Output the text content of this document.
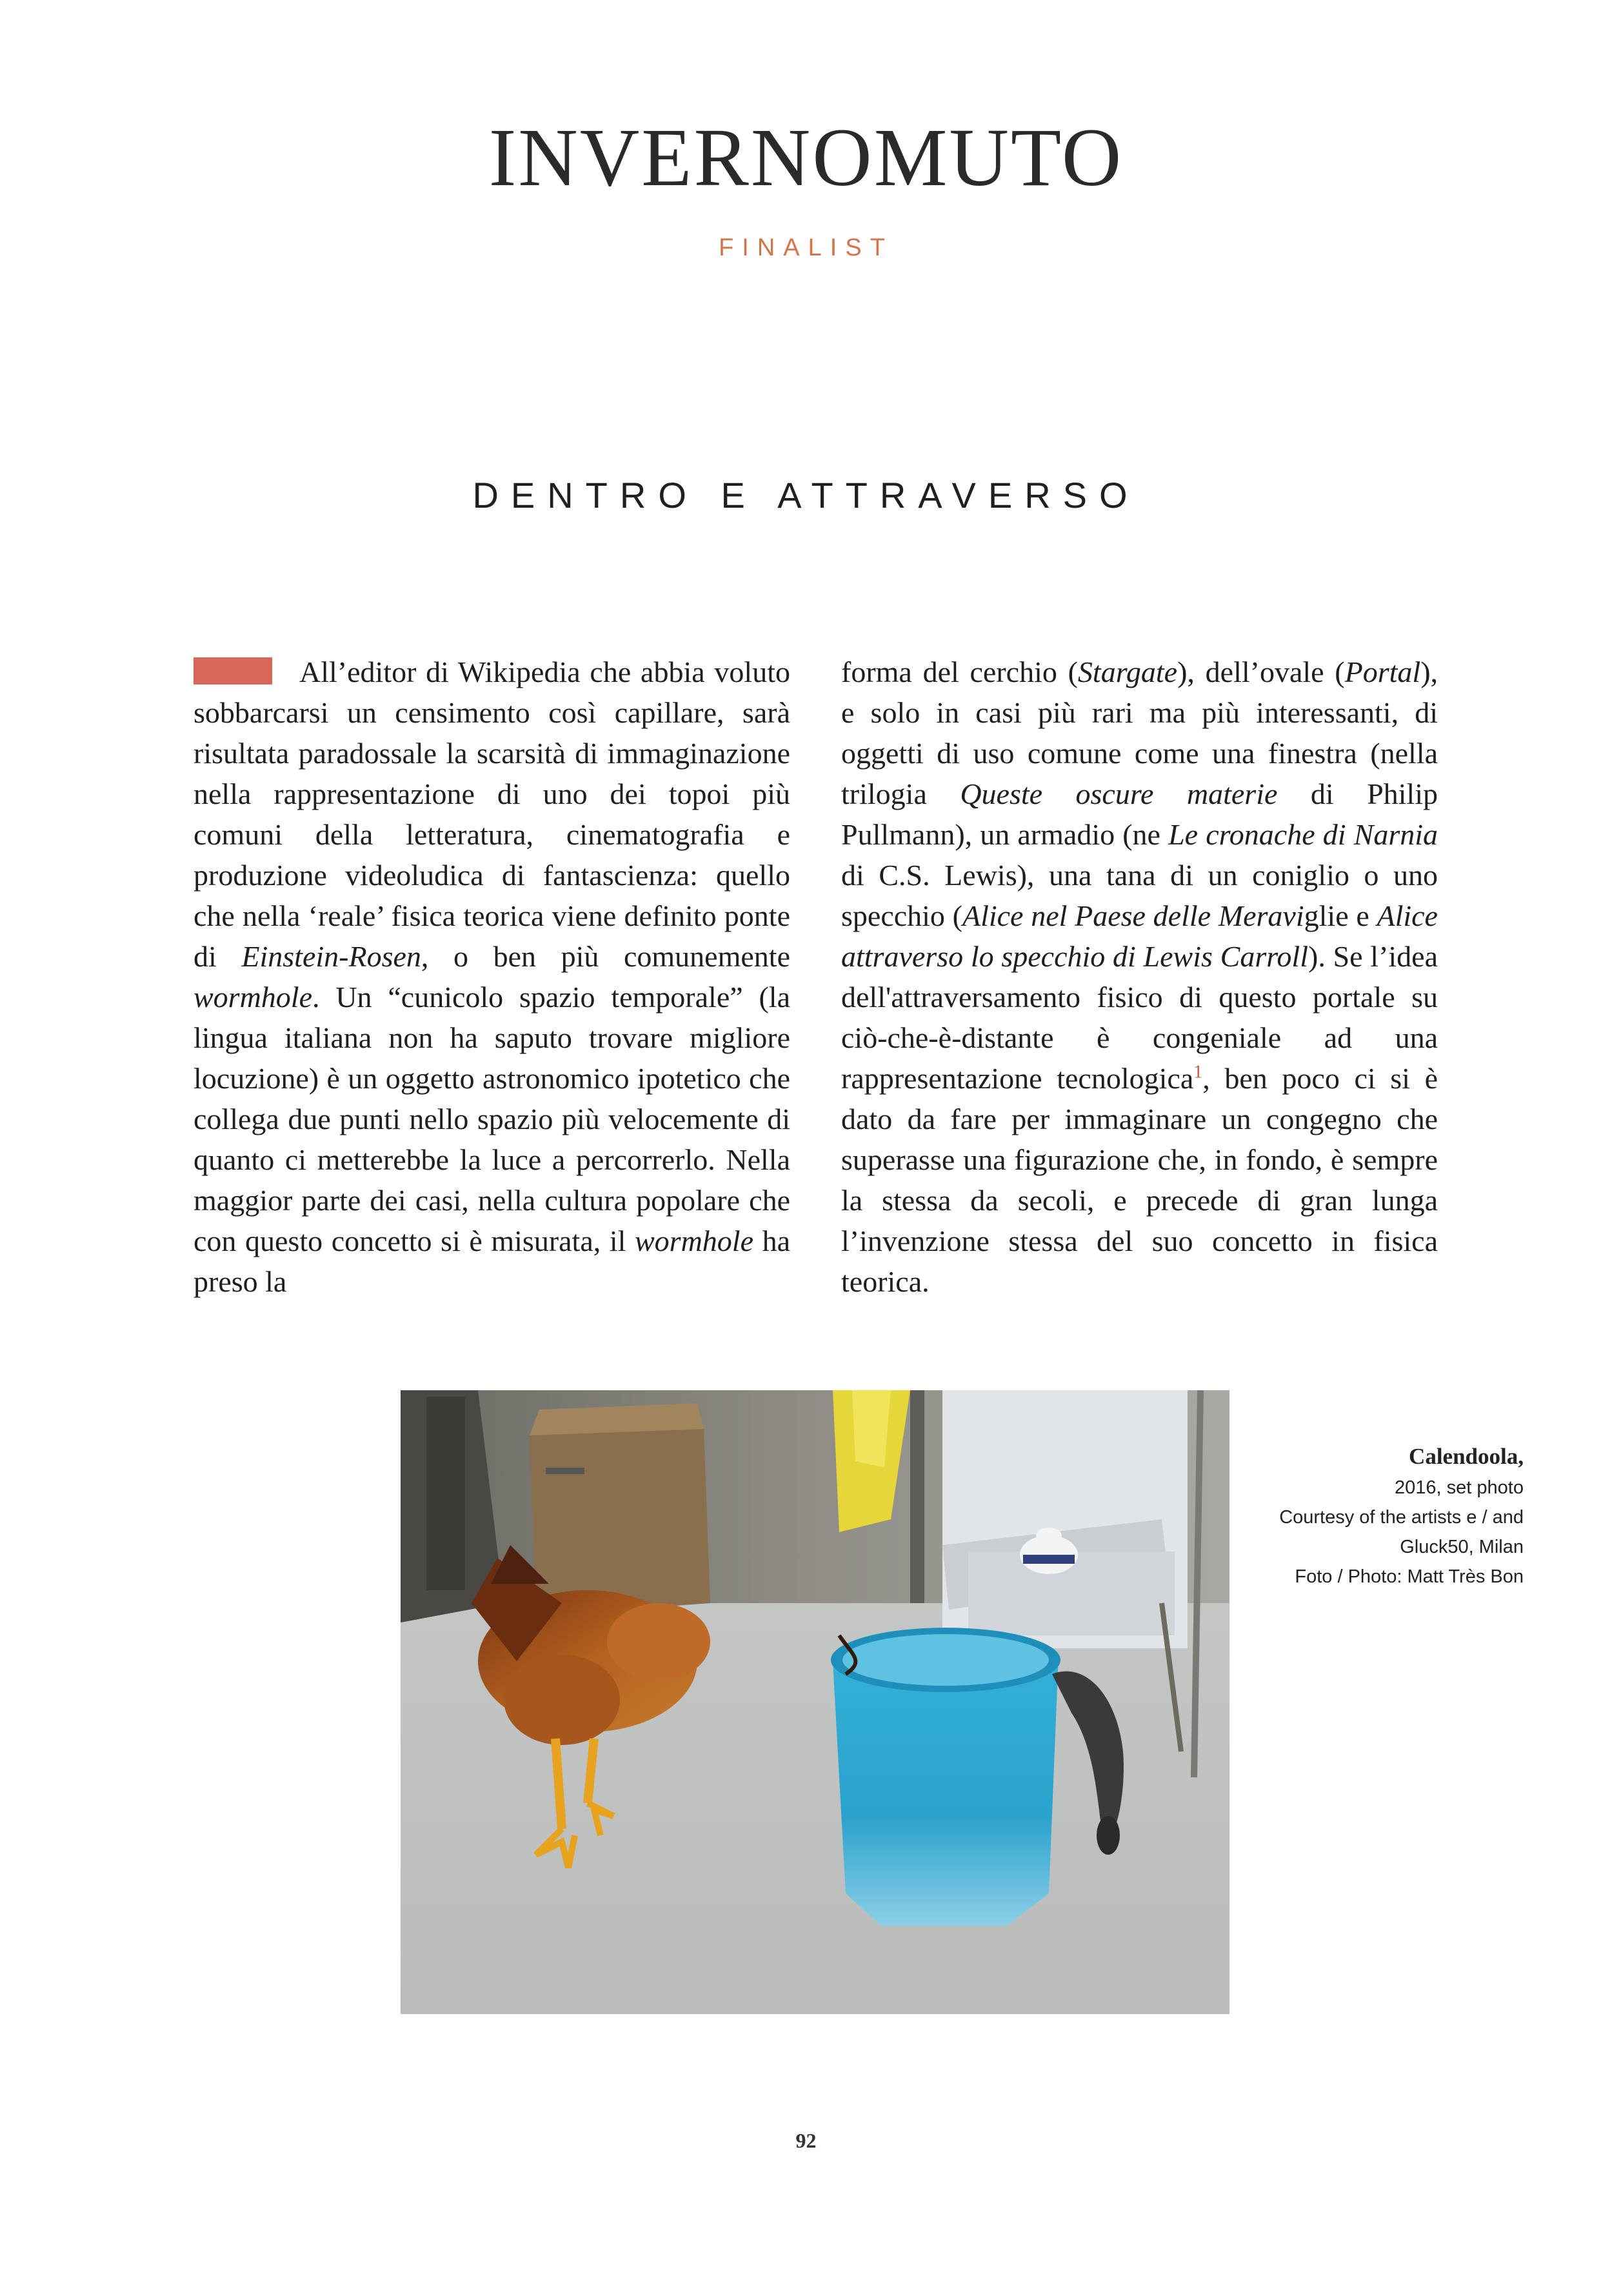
INVERNOMUTO
FINALIST
DENTRO E ATTRAVERSO

All’editor di Wikipedia che abbia voluto sobbarcarsi un censimento così capillare, sarà risultata paradossale la scarsità di immaginazione nella rappresentazione di uno dei topoi più comuni della letteratura, cinematografia e produzione videoludica di fantascienza: quello che nella ‘reale’ fisica teorica viene definito ponte di Einstein-Rosen, o ben più comunemente wormhole. Un “cunicolo spazio temporale” (la lingua italiana non ha saputo trovare migliore locuzione) è un oggetto astronomico ipotetico che collega due punti nello spazio più velocemente di quanto ci metterebbe la luce a percorrerlo. Nella maggior parte dei casi, nella cultura popolare che con questo concetto si è misurata, il wormhole ha preso la

forma del cerchio (Stargate), dell’ovale (Portal), e solo in casi più rari ma più interessanti, di oggetti di uso comune come una finestra (nella trilogia Queste oscure materie di Philip Pullmann), un armadio (ne Le cronache di Narnia di C.S. Lewis), una tana di un coniglio o uno specchio (Alice nel Paese delle Meraviglie e Alice attraverso lo specchio di Lewis Carroll). Se l’idea dell'attraversamento fisico di questo portale su ciò-che-è-distante è congeniale ad una rappresentazione tecnologica$^1$, ben poco ci si è dato da fare per immaginare un congegno che superasse una figurazione che, in fondo, è sempre la stessa da secoli, e precede di gran lunga l’invenzione stessa del suo concetto in fisica teorica.

Calendoola,
2016, set photo
Courtesy of the artists e / and
Gluck50, Milan
Foto / Photo: Matt Très Bon
92
